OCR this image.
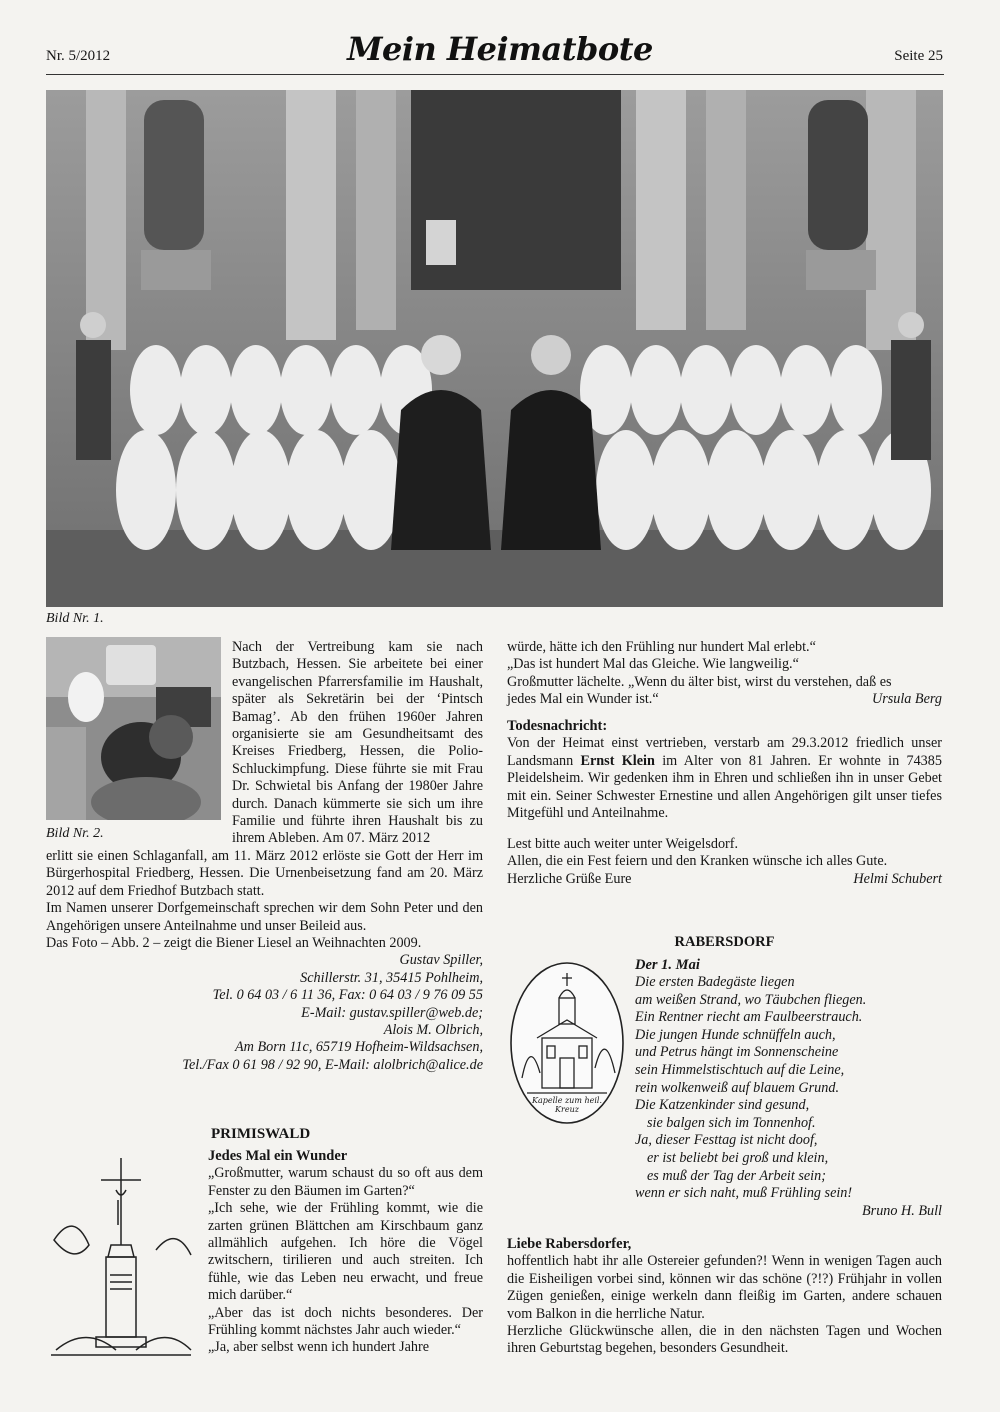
Nr. 5/2012	Mein Heimatbote	Seite 25
Bild Nr. 1.
Bild Nr. 2.
Nach der Vertreibung kam sie nach Butzbach, Hessen. Sie arbeitete bei einer evangelischen Pfarrersfamilie im Haushalt, später als Sekretärin bei der ‘Pintsch Bamag’. Ab den frühen 1960er Jahren organisierte sie am Gesundheitsamt des Kreises Friedberg, Hessen, die Polio-Schluckimpfung. Diese führte sie mit Frau Dr. Schwietal bis Anfang der 1980er Jahre durch. Danach kümmerte sie sich um ihre Familie und führte ihren Haushalt bis zu ihrem Ableben. Am 07. März 2012

erlitt sie einen Schlaganfall, am 11. März 2012 erlöste sie Gott der Herr im Bürgerhospital Friedberg, Hessen. Die Urnenbeisetzung fand am 20. März 2012 auf dem Friedhof Butzbach statt.

Im Namen unserer Dorfgemeinschaft sprechen wir dem Sohn Peter und den Angehörigen unsere Anteilnahme und unser Beileid aus.

Das Foto – Abb. 2 – zeigt die Biener Liesel an Weihnachten 2009.

Gustav Spiller,
Schillerstr. 31, 35415 Pohlheim,
Tel. 0 64 03 / 6 11 36, Fax: 0 64 03 / 9 76 09 55
E-Mail: gustav.spiller@web.de;
Alois M. Olbrich,
Am Born 11c, 65719 Hofheim-Wildsachsen,
Tel./Fax 0 61 98 / 92 90, E-Mail: alolbrich@alice.de
PRIMISWALD

Jedes Mal ein Wunder

„Großmutter, warum schaust du so oft aus dem Fenster zu den Bäumen im Garten?“

„Ich sehe, wie der Frühling kommt, wie die zarten grünen Blättchen am Kirschbaum ganz allmählich aufgehen. Ich höre die Vögel zwitschern, tirilieren und auch streiten. Ich fühle, wie das Leben neu erwacht, und freue mich darüber.“

„Aber das ist doch nichts besonderes. Der Frühling kommt nächstes Jahr auch wieder.“

„Ja, aber selbst wenn ich hundert Jahre

würde, hätte ich den Frühling nur hundert Mal erlebt.“

„Das ist hundert Mal das Gleiche. Wie langweilig.“

Großmutter lächelte. „Wenn du älter bist, wirst du verstehen, daß es

jedes Mal ein Wunder ist.“	Ursula Berg

Todesnachricht:

Von der Heimat einst vertrieben, verstarb am 29.3.2012 friedlich unser Landsmann Ernst Klein im Alter von 81 Jahren. Er wohnte in 74385 Pleidelsheim. Wir gedenken ihm in Ehren und schließen ihn in unser Gebet mit ein. Seiner Schwester Ernestine und allen Angehörigen gilt unser tiefes Mitgefühl und Anteilnahme.

Lest bitte auch weiter unter Weigelsdorf.

Allen, die ein Fest feiern und den Kranken wünsche ich alles Gute.

Herzliche Grüße Eure	Helmi Schubert
RABERSDORF
Kapelle zum heil. Kreuz

Der 1. Mai

Die ersten Badegäste liegen
am weißen Strand, wo Täubchen fliegen.
Ein Rentner riecht am Faulbeerstrauch.
Die jungen Hunde schnüffeln auch,
und Petrus hängt im Sonnenscheine
sein Himmelstischtuch auf die Leine,
rein wolkenweiß auf blauem Grund.
Die Katzenkinder sind gesund,
sie balgen sich im Tonnenhof.
Ja, dieser Festtag ist nicht doof,
er ist beliebt bei groß und klein,
es muß der Tag der Arbeit sein;
wenn er sich naht, muß Frühling sein!
Bruno H. Bull

Liebe Rabersdorfer,

hoffentlich habt ihr alle Ostereier gefunden?! Wenn in wenigen Tagen auch die Eisheiligen vorbei sind, können wir das schöne (?!?) Frühjahr in vollen Zügen genießen, einige werkeln dann fleißig im Garten, andere schauen vom Balkon in die herrliche Natur.

Herzliche Glückwünsche allen, die in den nächsten Tagen und Wochen ihren Geburtstag begehen, besonders Gesundheit.
